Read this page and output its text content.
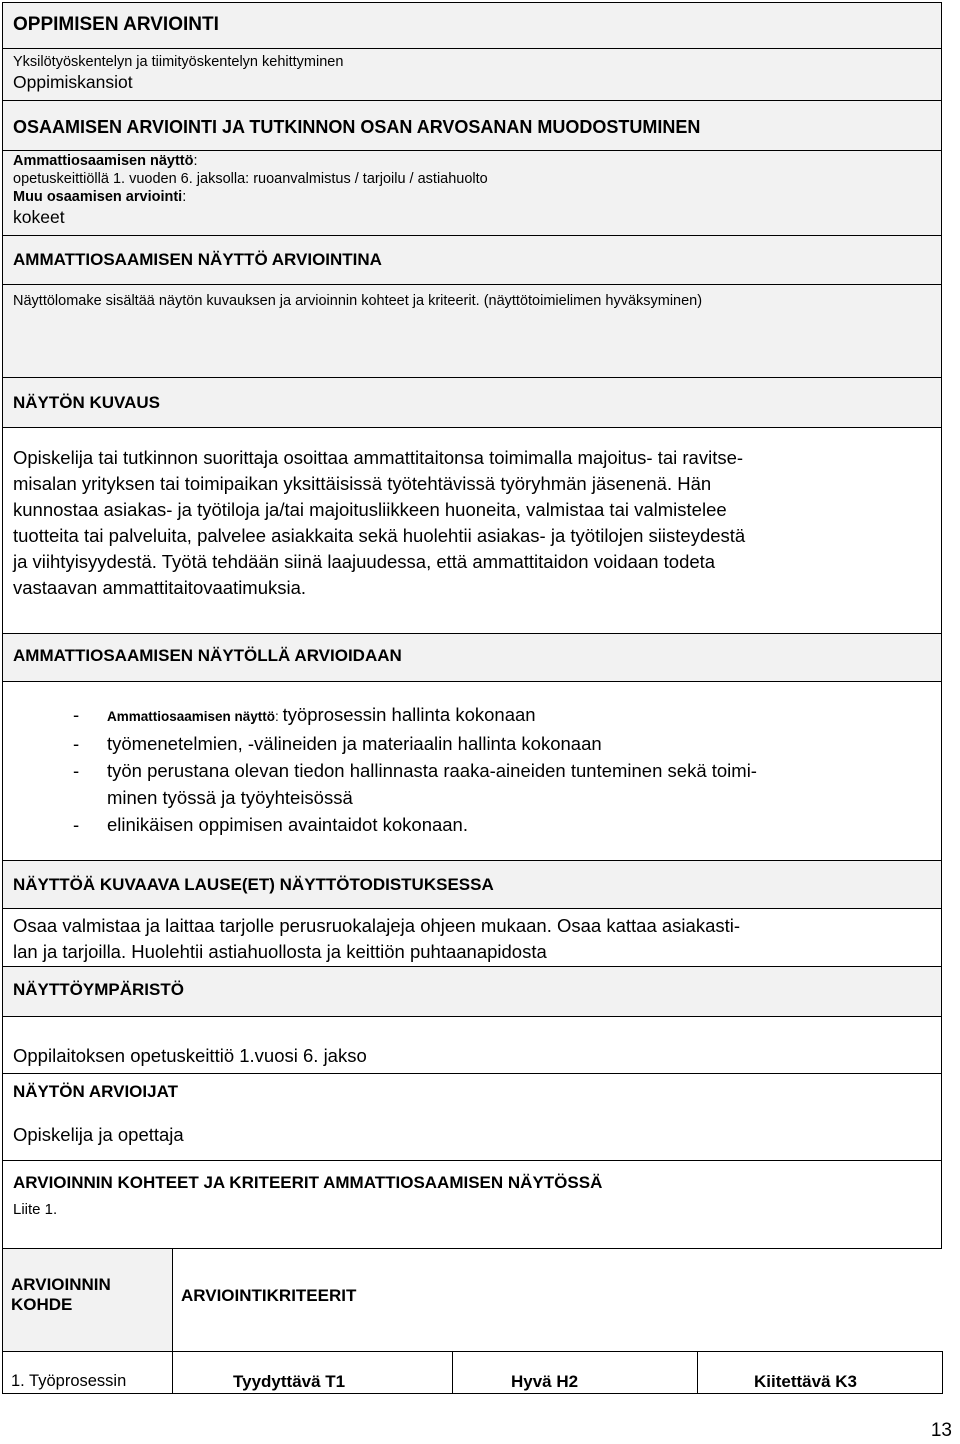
OPPIMISEN ARVIOINTI
Yksilötyöskentelyn ja tiimityöskentelyn kehittyminen
Oppimiskansiot
OSAAMISEN ARVIOINTI JA TUTKINNON OSAN ARVOSANAN MUODOSTUMINEN
Ammattiosaamisen näyttö:
opetuskeittiöllä 1. vuoden 6. jaksolla: ruoanvalmistus / tarjoilu / astiahuolto
Muu osaamisen arviointi:
kokeet
AMMATTIOSAAMISEN NÄYTTÖ ARVIOINTINA
Näyttölomake sisältää näytön kuvauksen ja arvioinnin kohteet ja kriteerit. (näyttötoimielimen hyväksyminen)
NÄYTÖN KUVAUS
Opiskelija tai tutkinnon suorittaja osoittaa ammattitaitonsa toimimalla majoitus- tai ravitse-
misalan yrityksen tai toimipaikan yksittäisissä työtehtävissä työryhmän jäsenenä. Hän
kunnostaa asiakas- ja työtiloja ja/tai majoitusliikkeen huoneita, valmistaa tai valmistelee
tuotteita tai palveluita, palvelee asiakkaita sekä huolehtii asiakas- ja työtilojen siisteydestä
ja viihtyisyydestä. Työtä tehdään siinä laajuudessa, että ammattitaidon voidaan todeta
vastaavan ammattitaitovaatimuksia.
AMMATTIOSAAMISEN NÄYTÖLLÄ ARVIOIDAAN
- Ammattiosaamisen näyttö: työprosessin hallinta kokonaan
- työmenetelmien, -välineiden ja materiaalin hallinta kokonaan
- työn perustana olevan tiedon hallinnasta raaka-aineiden tunteminen sekä toimi-
minen työssä ja työyhteisössä
- elinikäisen oppimisen avaintaidot kokonaan.
NÄYTTÖÄ KUVAAVA LAUSE(ET) NÄYTTÖTODISTUKSESSA
Osaa valmistaa ja laittaa tarjolle perusruokalajeja ohjeen mukaan. Osaa kattaa asiakasti-
lan ja tarjoilla. Huolehtii astiahuollosta ja keittiön puhtaanapidosta
NÄYTTÖYMPÄRISTÖ
Oppilaitoksen opetuskeittiö 1.vuosi 6. jakso
NÄYTÖN ARVIOIJAT
Opiskelija ja opettaja
ARVIOINNIN KOHTEET JA KRITEERIT AMMATTIOSAAMISEN NÄYTÖSSÄ
Liite 1.
ARVIOINNIN
KOHDE	ARVIOINTIKRITEERIT		
1. Työprosessin	Tyydyttävä T1	Hyvä H2	Kiitettävä K3
13
